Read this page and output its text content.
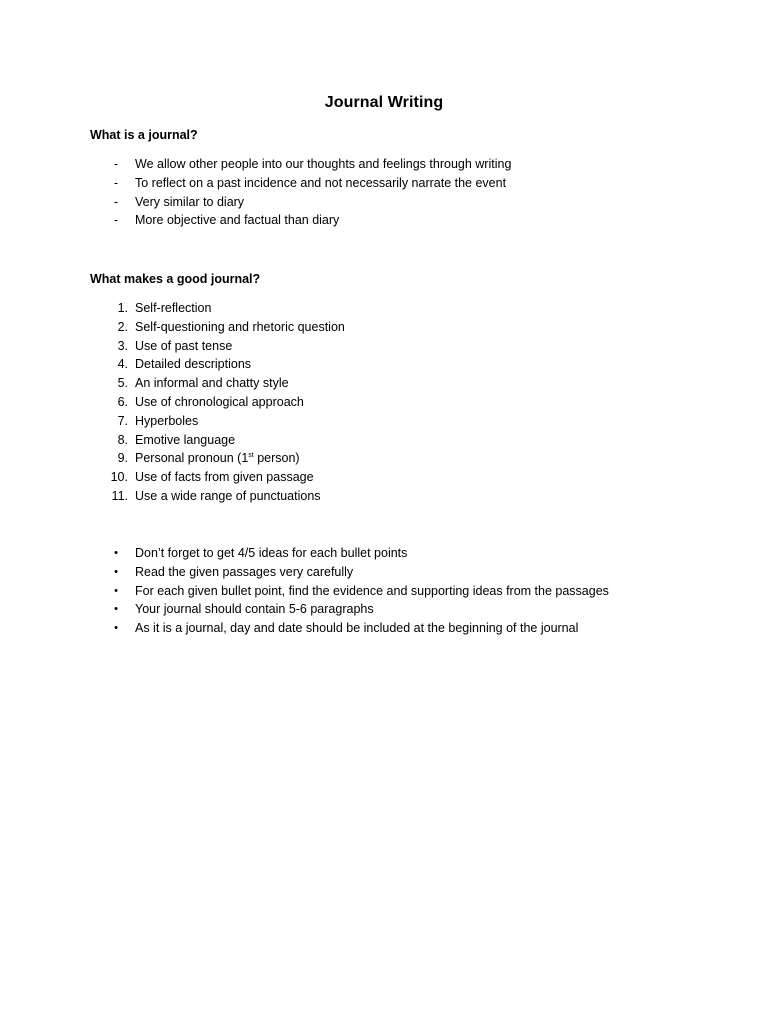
Journal Writing
What is a journal?
- We allow other people into our thoughts and feelings through writing
- To reflect on a past incidence and not necessarily narrate the event
- Very similar to diary
- More objective and factual than diary
What makes a good journal?
1. Self-reflection
2. Self-questioning and rhetoric question
3. Use of past tense
4. Detailed descriptions
5. An informal and chatty style
6. Use of chronological approach
7. Hyperboles
8. Emotive language
9. Personal pronoun (1st person)
10. Use of facts from given passage
11. Use a wide range of punctuations
• Don’t forget to get 4/5 ideas for each bullet points
• Read the given passages very carefully
• For each given bullet point, find the evidence and supporting ideas from the passages
• Your journal should contain 5-6 paragraphs
• As it is a journal, day and date should be included at the beginning of the journal
